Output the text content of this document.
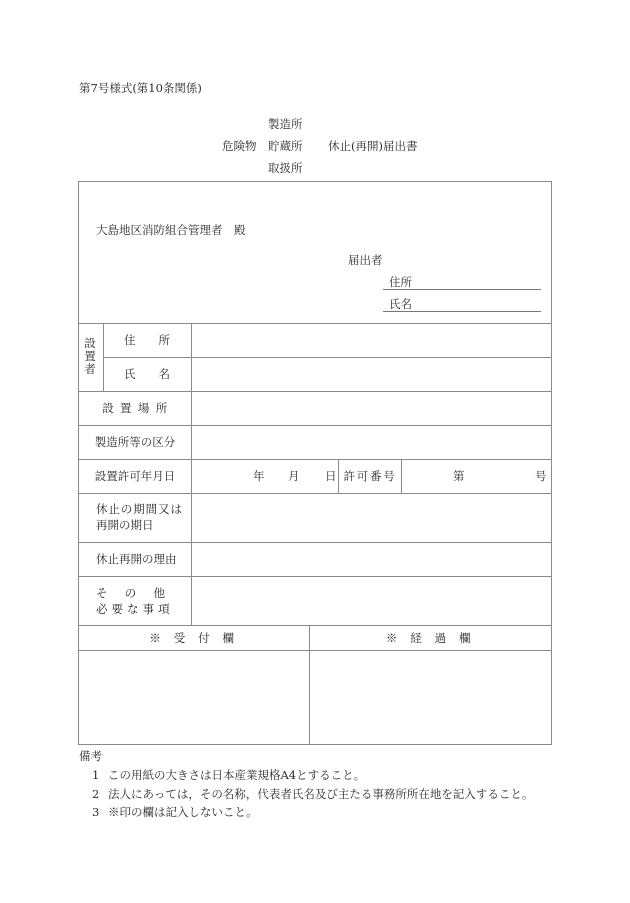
第7号様式(第10条関係)
製造所
危険物 貯蔵所 休止(再開)届出書
取扱所
大島地区消防組合管理者　殿
届出者
住所
氏名
設
置
者
住　　所
氏　　名
設置場所
製造所等の区分
設置許可年月日	年 月 日 許可番号	第	号
休止の期間又は
再開の期日
休止再開の理由
そ　の　他
必要な事項
※ 受 付 欄	※ 経 過 欄
備考
1 この用紙の大きさは日本産業規格A4とすること。
2 法人にあっては，その名称，代表者氏名及び主たる事務所所在地を記入すること。
3 ※印の欄は記入しないこと。
